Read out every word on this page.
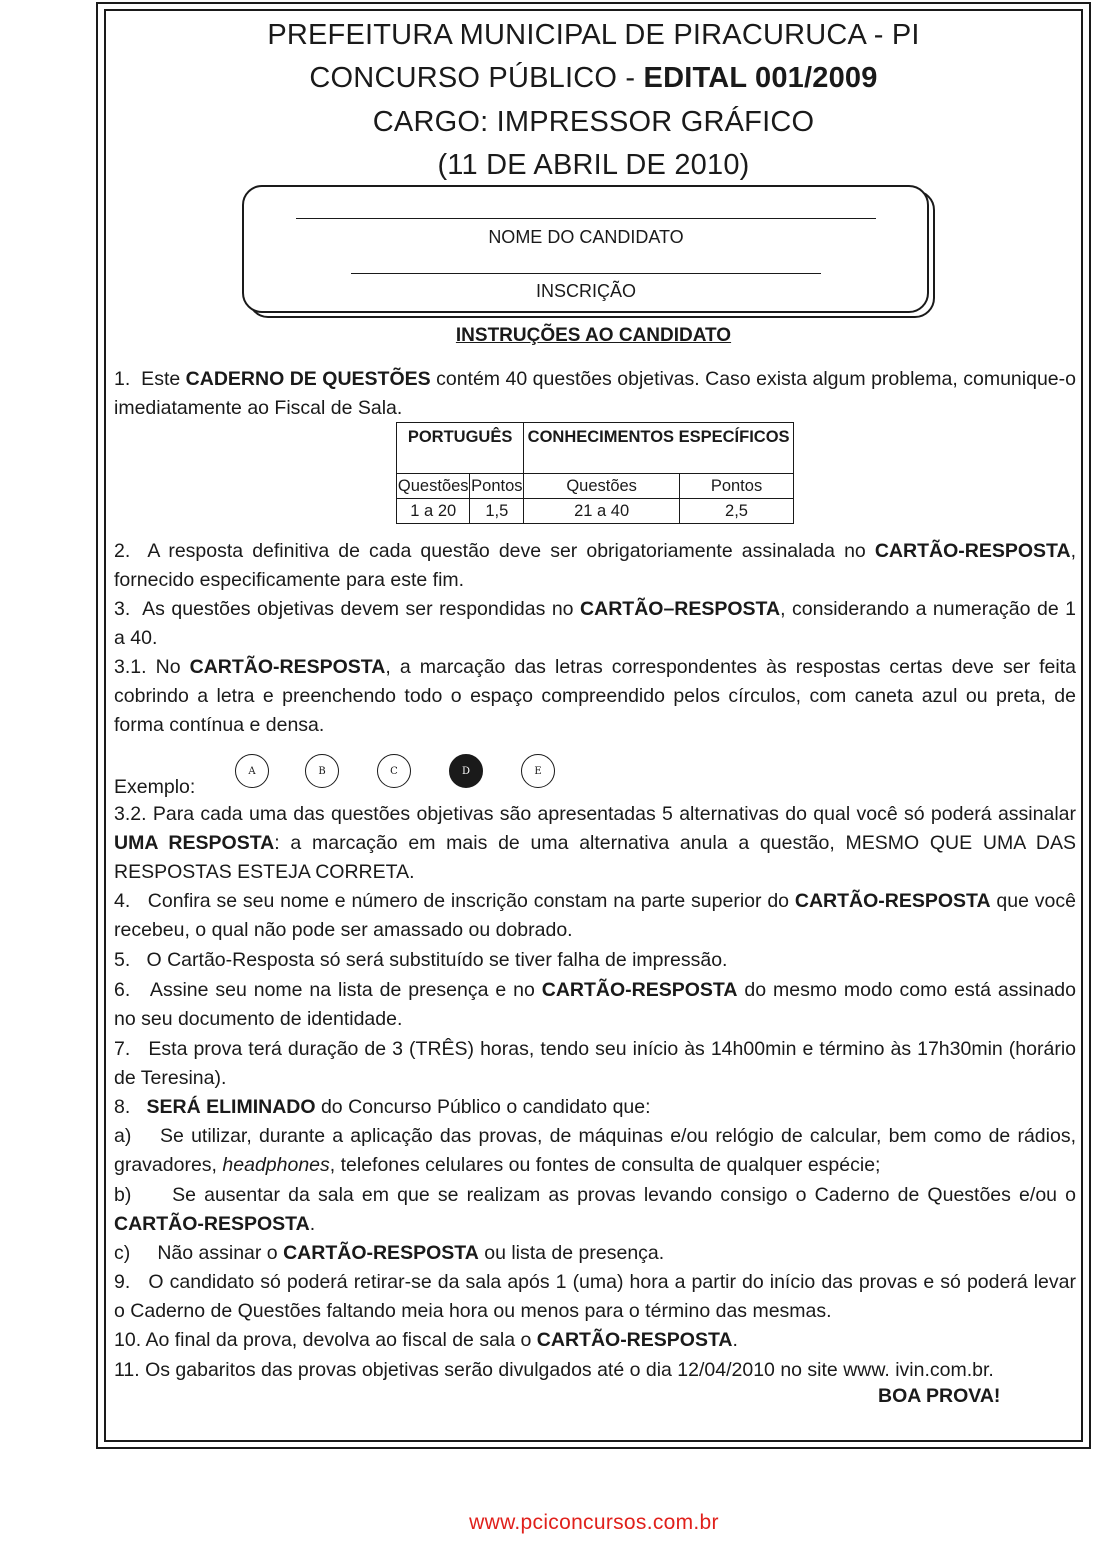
PREFEITURA MUNICIPAL DE PIRACURUCA - PI
CONCURSO PÚBLICO - EDITAL 001/2009
CARGO: IMPRESSOR GRÁFICO
(11 DE ABRIL DE 2010)
NOME DO CANDIDATO
INSCRIÇÃO
INSTRUÇÕES AO CANDIDATO
1.  Este CADERNO DE QUESTÕES contém 40 questões objetivas. Caso exista algum problema, comunique-o imediatamente ao Fiscal de Sala.
PORTUGUÊS		CONHECIMENTOS ESPECÍFICOS	
Questões	Pontos	Questões	Pontos
1 a 20	1,5	21 a 40	2,5
2.  A resposta definitiva de cada questão deve ser obrigatoriamente assinalada no CARTÃO-RESPOSTA, fornecido especificamente para este fim.
3.  As questões objetivas devem ser respondidas no CARTÃO–RESPOSTA, considerando a numeração de 1 a 40.
3.1. No CARTÃO-RESPOSTA, a marcação das letras correspondentes às respostas certas deve ser feita cobrindo a letra e preenchendo todo o espaço compreendido pelos círculos, com caneta azul ou preta, de forma contínua e densa.
Exemplo:
A	B	C	D	E
3.2. Para cada uma das questões objetivas são apresentadas 5 alternativas do qual você só poderá assinalar UMA RESPOSTA: a marcação em mais de uma alternativa anula a questão, MESMO QUE UMA DAS RESPOSTAS ESTEJA CORRETA.
4.   Confira se seu nome e número de inscrição constam na parte superior do CARTÃO-RESPOSTA que você recebeu, o qual não pode ser amassado ou dobrado.
5.   O Cartão-Resposta só será substituído se tiver falha de impressão.
6.   Assine seu nome na lista de presença e no CARTÃO-RESPOSTA do mesmo modo como está assinado no seu documento de identidade.
7.   Esta prova terá duração de 3 (TRÊS) horas, tendo seu início às 14h00min e término às 17h30min (horário de Teresina).
8.   SERÁ ELIMINADO do Concurso Público o candidato que:
a)    Se utilizar, durante a aplicação das provas, de máquinas e/ou relógio de calcular, bem como de rádios, gravadores, headphones, telefones celulares ou fontes de consulta de qualquer espécie;
b)     Se ausentar da sala em que se realizam as provas levando consigo o Caderno de Questões e/ou o CARTÃO-RESPOSTA.
c)     Não assinar o CARTÃO-RESPOSTA ou lista de presença.
9.   O candidato só poderá retirar-se da sala após 1 (uma) hora a partir do início das provas e só poderá levar o Caderno de Questões faltando meia hora ou menos para o término das mesmas.
10. Ao final da prova, devolva ao fiscal de sala o CARTÃO-RESPOSTA.
11. Os gabaritos das provas objetivas serão divulgados até o dia 12/04/2010 no site www. ivin.com.br.
BOA PROVA!
www.pciconcursos.com.br
